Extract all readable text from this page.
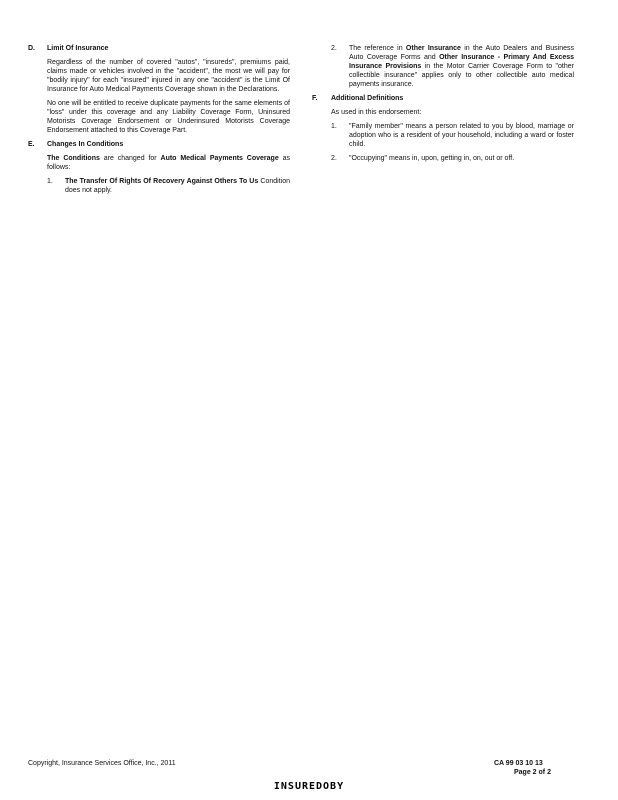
D.	Limit Of Insurance

Regardless of the number of covered "autos", "insureds", premiums paid, claims made or vehicles involved in the "accident", the most we will pay for "bodily injury" for each "insured" injured in any one "accident" is the Limit Of Insurance for Auto Medical Payments Coverage shown in the Declarations.

No one will be entitled to receive duplicate payments for the same elements of "loss" under this coverage and any Liability Coverage Form, Uninsured Motorists Coverage Endorsement or Underinsured Motorists Coverage Endorsement attached to this Coverage Part.

E.	Changes In Conditions

The Conditions are changed for Auto Medical Payments Coverage as follows:

1.	The Transfer Of Rights Of Recovery Against Others To Us Condition does not apply.
2.	The reference in Other Insurance in the Auto Dealers and Business Auto Coverage Forms and Other Insurance - Primary And Excess Insurance Provisions in the Motor Carrier Coverage Form to "other collectible insurance" applies only to other collectible auto medical payments insurance.
F.	Additional Definitions

As used in this endorsement:

1.	"Family member" means a person related to you by blood, marriage or adoption who is a resident of your household, including a ward or foster child.
2.	"Occupying" means in, upon, getting in, on, out or off.
Copyright, Insurance Services Office, Inc., 2011	CA 99 03 10 13
Page 2 of 2
INSUREDOBY
